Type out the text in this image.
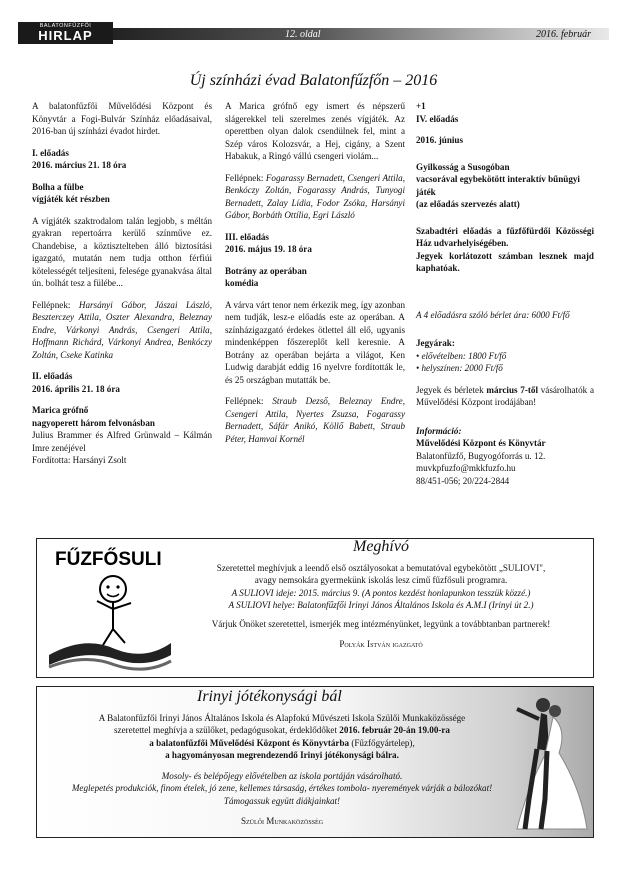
BALATONFŰZFŐI
HIRLAP	12. oldal	2016. február
Új színházi évad Balatonfűzfőn – 2016

A balatonfűzfői Művelődési Központ és Könyvtár a Fogi-Bulvár Színház előadásaival, 2016-ban új színházi évadot hirdet.

I. előadás

2016. március 21. 18 óra

Bolha a fülbe

vígjáték két részben

A vígjáték szaktrodalom talán legjobb, s méltán gyakran repertoárra kerülő színműve ez. Chandebise, a köztisztelteben álló biztosítási igazgató, mutatán nem tudja otthon férfiúi kötelességét teljesíteni, felesége gyanakvása által ún. bolhát tesz a fülébe...

Fellépnek: Harsányi Gábor, Jászai László, Beszterczey Attila, Oszter Alexandra, Beleznay Endre, Várkonyi András, Csengeri Attila, Hoffmann Richárd, Várkonyi Andrea, Benkóczy Zoltán, Cseke Katinka

II. előadás

2016. április 21. 18 óra

Marica grófnő
nagyoperett három felvonásban
Julius Brammer és Alfred Grünwald – Kálmán Imre zenéjével
Fordította: Harsányi Zsolt

A Marica grófnő egy ismert és népszerű slágerekkel teli szerelmes zenés vígjáték. Az operettben olyan dalok csendülnek fel, mint a Szép város Kolozsvár, a Hej, cigány, a Szent Habakuk, a Ringó vállú csengeri violám...

Fellépnek: Fogarassy Bernadett, Csengeri Attila, Benkóczy Zoltán, Fogarassy András, Tunyogi Bernadett, Zalay Lídia, Fodor Zsóka, Harsányi Gábor, Borbáth Ottília, Egri László

III. előadás

2016. május 19. 18 óra

Botrány az operában

komédia

A várva várt tenor nem érkezik meg, így azonban nem tudják, lesz-e előadás este az operában. A színházigazgató érdekes ötlettel áll elő, ugyanis mindenképpen főszereplőt kell keresnie. A Botrány az operában bejárta a világot, Ken Ludwig darabját eddig 16 nyelvre fordították le, és 25 országban mutatták be.

Fellépnek: Straub Dezső, Beleznay Endre, Csengeri Attila, Nyertes Zsuzsa, Fogarassy Bernadett, Sáfár Anikó, Köllő Babett, Straub Péter, Hamvai Kornél

+1

IV. előadás

2016. június

Gyilkosság a Susogóban
vacsorával egybekötött interaktív bűnügyi játék

(az előadás szervezés alatt)

Szabadtéri előadás a fűzfőfürdői Közösségi Ház udvarhelyiségében.

Jegyek korlátozott számban lesznek majd kaphatóak.

A 4 előadásra szóló bérlet ára: 6000 Ft/fő

Jegyárak:
• elővételben: 1800 Ft/fő
• helyszínen: 2000 Ft/fő

Jegyek és bérletek március 7-től vásárolhatók a Művelődési Központ irodájában!

Információ:
Művelődési Központ és Könyvtár
Balatonfűzfő, Bugyogóforrás u. 12.
muvkpfuzfo@mkkfuzfo.hu
88/451-056; 20/224-2844
FŰZFŐSULI
Meghívó
Szeretettel meghívjuk a leendő első osztályosokat a bemutatóval egybekötött „SULIOVI",
avagy nemsokára gyermekünk iskolás lesz című fűzfősuli programra.
A SULIOVI ideje: 2015. március 9. (A pontos kezdést honlapunkon tesszük közzé.)
A SULIOVI helye: Balatonfűzfői Irinyi János Általános Iskola és A.M.I (Irinyi út 2.)
Várjuk Önöket szeretettel, ismerjék meg intézményünket, legyünk a továbbtanban partnerek!
Polyák István igazgató
Irinyi jótékonysági bál
A Balatonfűzfői Irinyi János Általános Iskola és Alapfokú Művészeti Iskola Szülői Munkaközössége
szeretettel meghívja a szülőket, pedagógusokat, érdeklődőket 2016. február 20-án 19.00-ra
a balatonfűzfői Művelődési Központ és Könyvtárba (Fűzfőgyártelep),
a hagyományosan megrendezendő Irinyi jótékonysági bálra.
Mosoly- és belépőjegy elővételben az iskola portáján vásárolható.
Meglepetés produkciók, finom ételek, jó zene, kellemes társaság, értékes tombola- nyeremények várják a bálozókat!
Támogassuk együtt diákjainkat!
Szülői Munkaközösség
